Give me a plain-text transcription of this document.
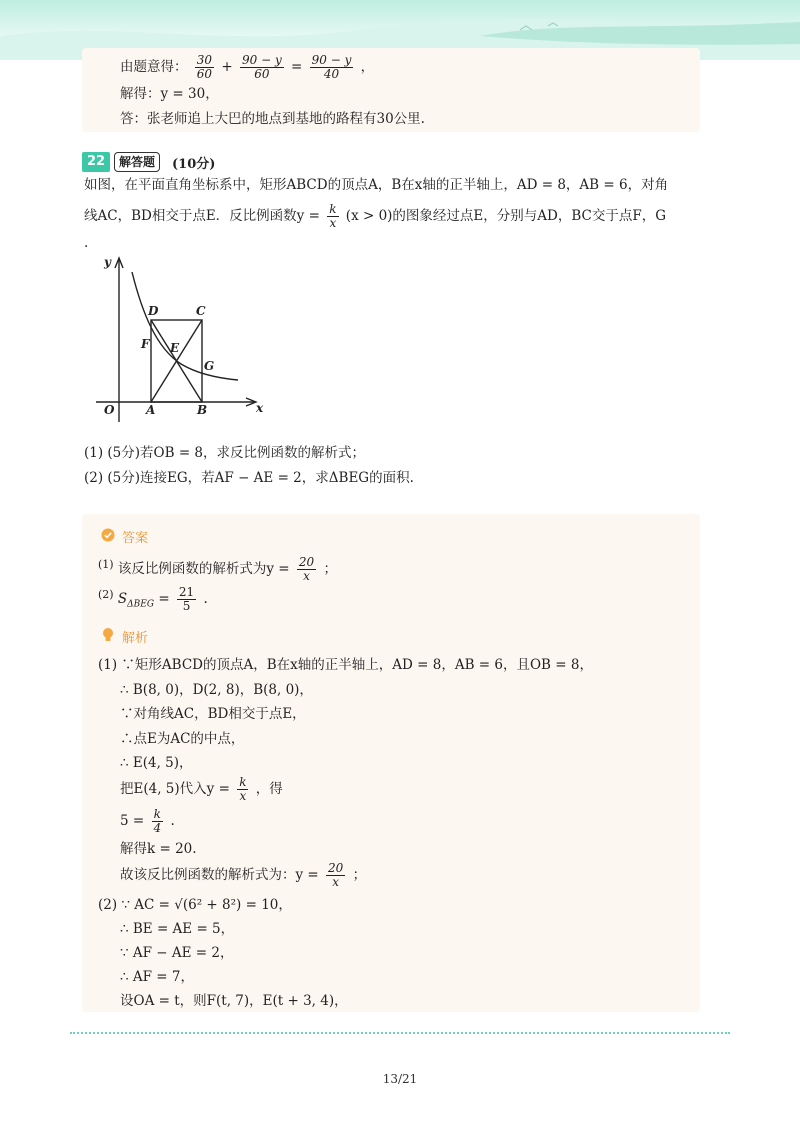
由题意得： $\frac{30}{60} + \frac{90 - y}{60} = \frac{90 - y}{40}$ ，
解得：y = 30，
答：张老师追上大巴的地点到基地的路程有30公里.
22	解答题	(10分)
如图，在平面直角坐标系中，矩形ABCD的顶点A，B在x轴的正半轴上，AD = 8，AB = 6，对角
线AC，BD相交于点E．反比例函数$y = \frac{k}{x} (x > 0)$的图象经过点E，分别与AD，BC交于点F，G
.
y
x
O	A	B
C
D
E
F
G
(1) (5分)若OB = 8，求反比例函数的解析式；
(2) (5分)连接EG，若AF − AE = 2，求ΔBEG的面积.
答案
$^{(1)}$ 该反比例函数的解析式为$y = \frac{20}{x}$ ；
$^{(2)}$ $S_{\Delta BEG} = \frac{21}{5}$ .
解析
(1) ∵矩形ABCD的顶点A，B在x轴的正半轴上，AD = 8，AB = 6，且OB = 8，
∴ B(8, 0)，D(2, 8)，B(8, 0)，
∵对角线AC，BD相交于点E，
∴点E为AC的中点，
∴ E(4, 5)，
把E(4, 5)代入$y = \frac{k}{x}$ ，得
$5 = \frac{k}{4}$ .
解得k = 20.
故该反比例函数的解析式为：$y = \frac{20}{x}$ ；
(2) ∵ AC = √(6² + 8²) = 10，
∴ BE = AE = 5，
∵ AF − AE = 2，
∴ AF = 7，
设OA = t，则F(t, 7)，E(t + 3, 4)，
13/21
